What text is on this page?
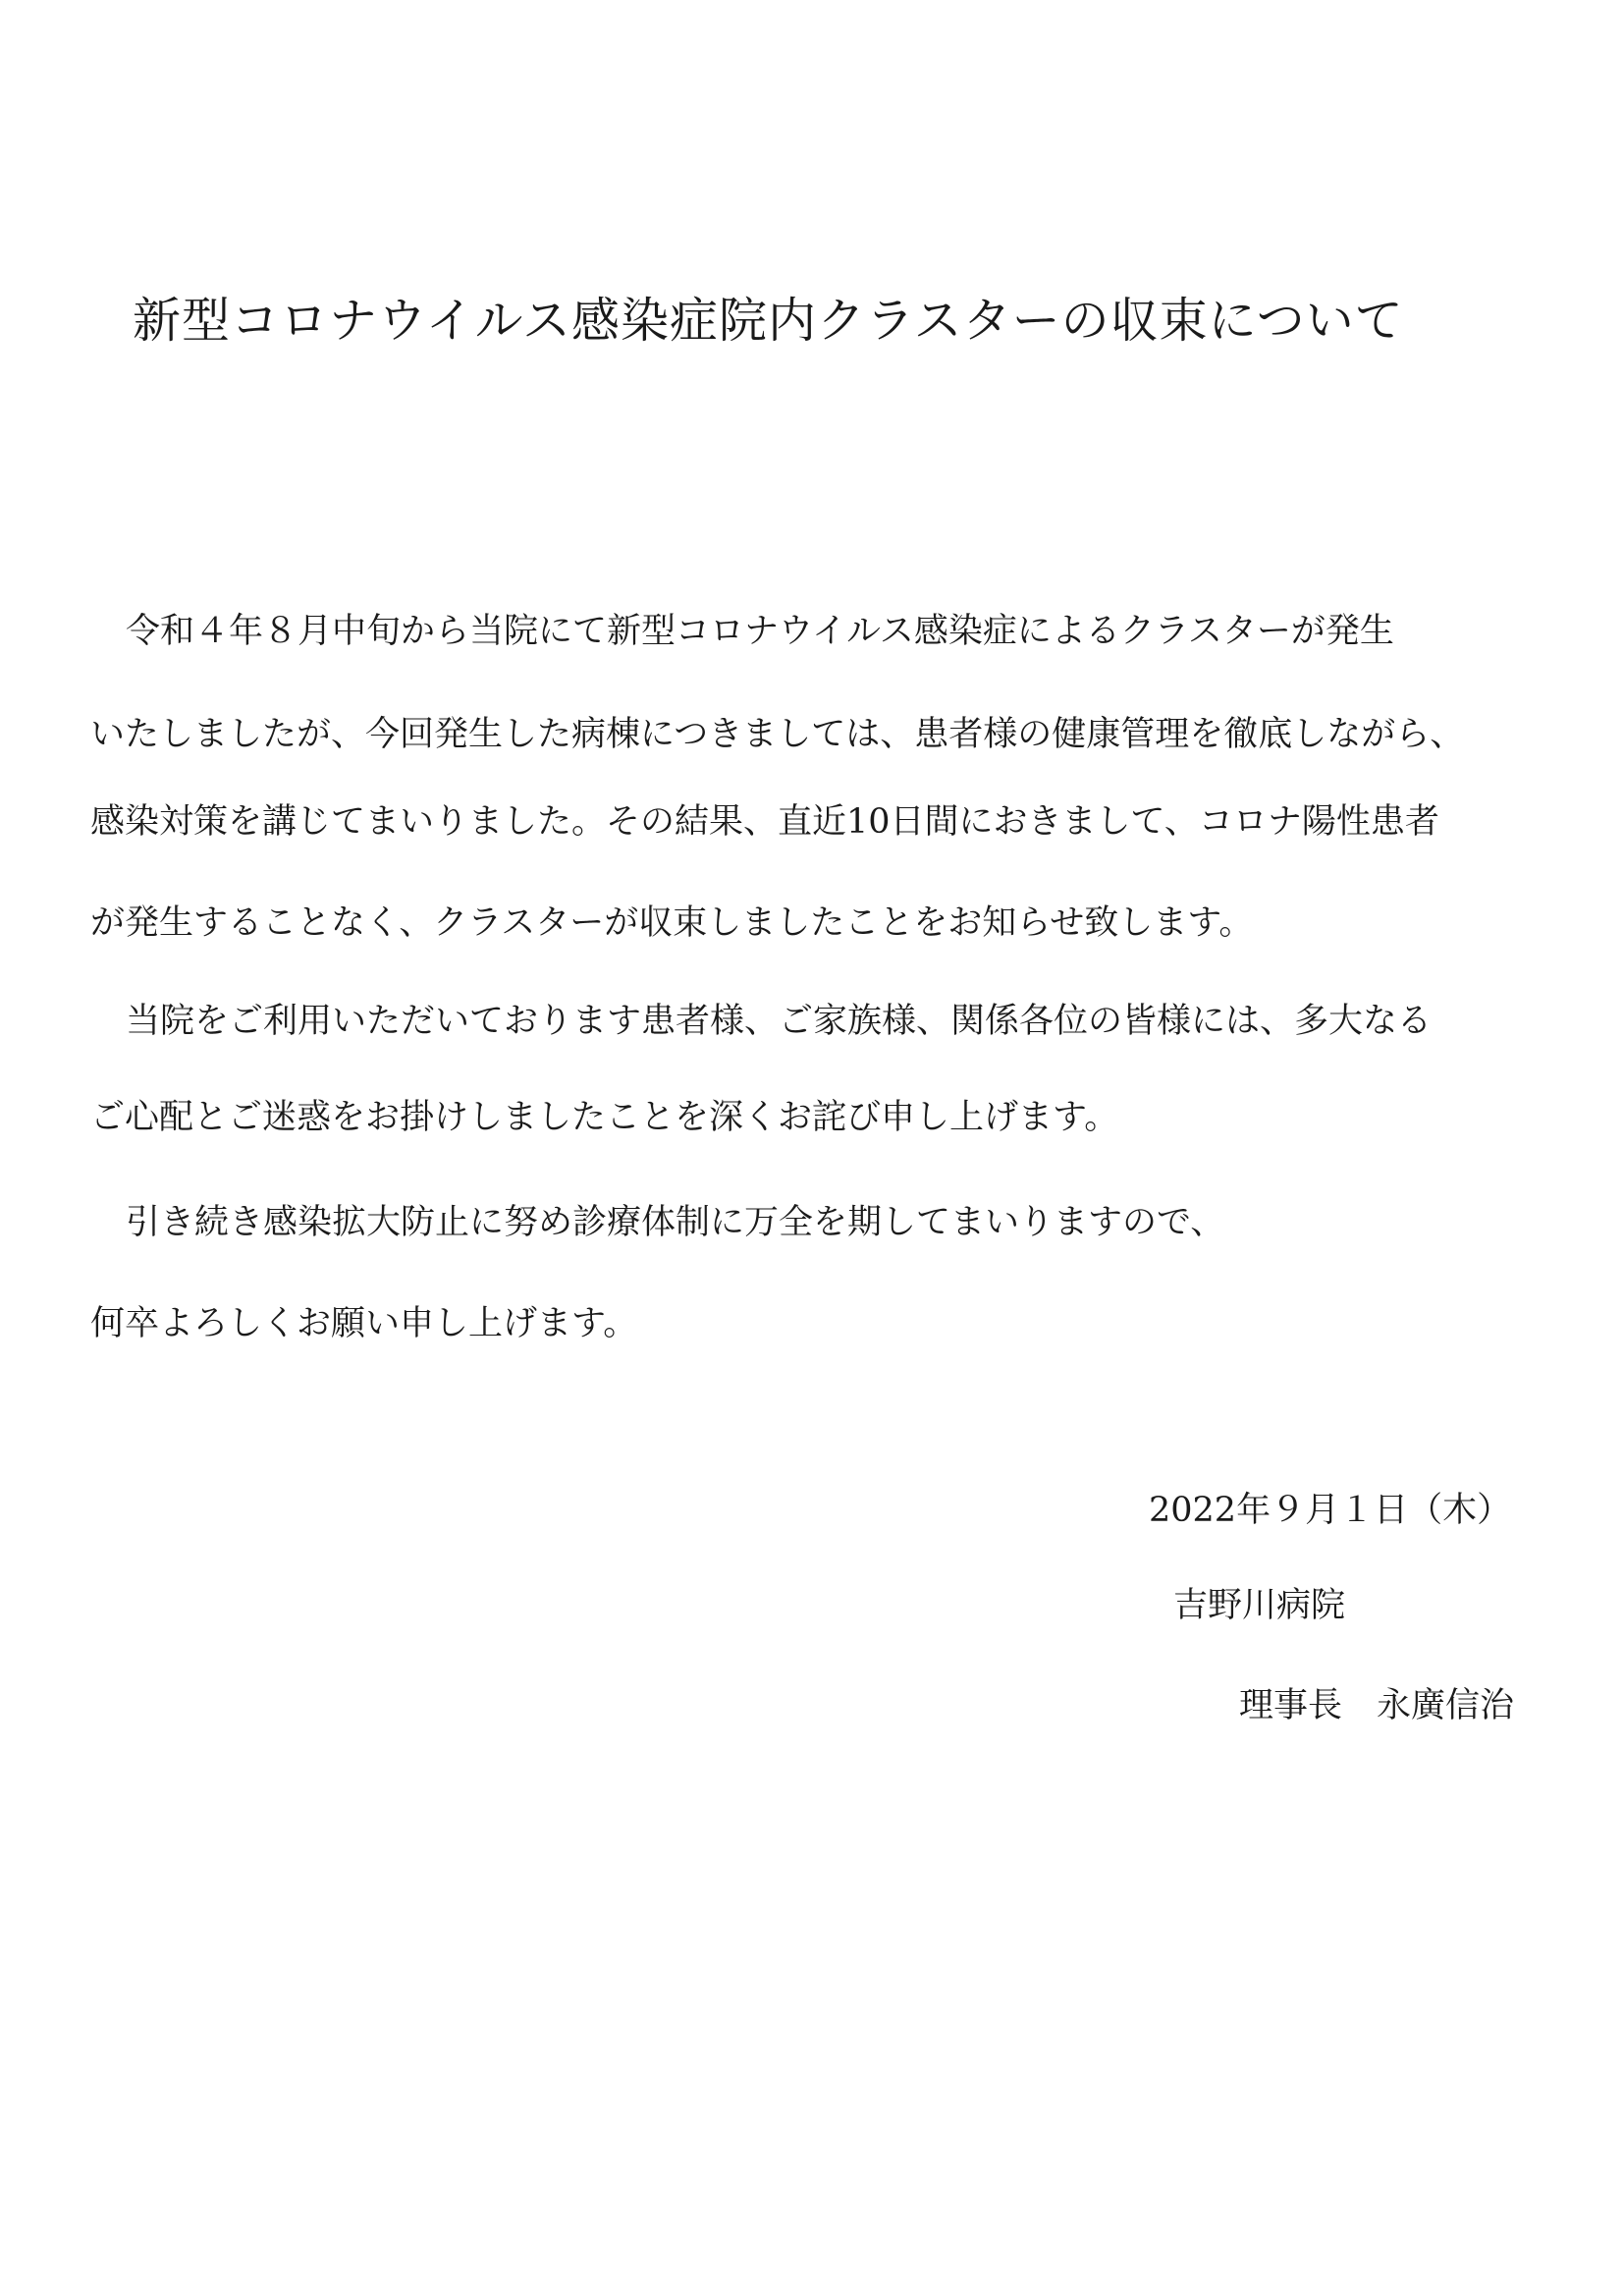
新型コロナウイルス感染症院内クラスターの収束について
令和４年８月中旬から当院にて新型コロナウイルス感染症によるクラスターが発生
いたしましたが、今回発生した病棟につきましては、患者様の健康管理を徹底しながら、
感染対策を講じてまいりました。その結果、直近10日間におきまして、コロナ陽性患者
が発生することなく、クラスターが収束しましたことをお知らせ致します。
当院をご利用いただいております患者様、ご家族様、関係各位の皆様には、多大なる
ご心配とご迷惑をお掛けしましたことを深くお詫び申し上げます。
引き続き感染拡大防止に努め診療体制に万全を期してまいりますので、
何卒よろしくお願い申し上げます。
2022年９月１日（木）
吉野川病院
理事長　永廣信治
